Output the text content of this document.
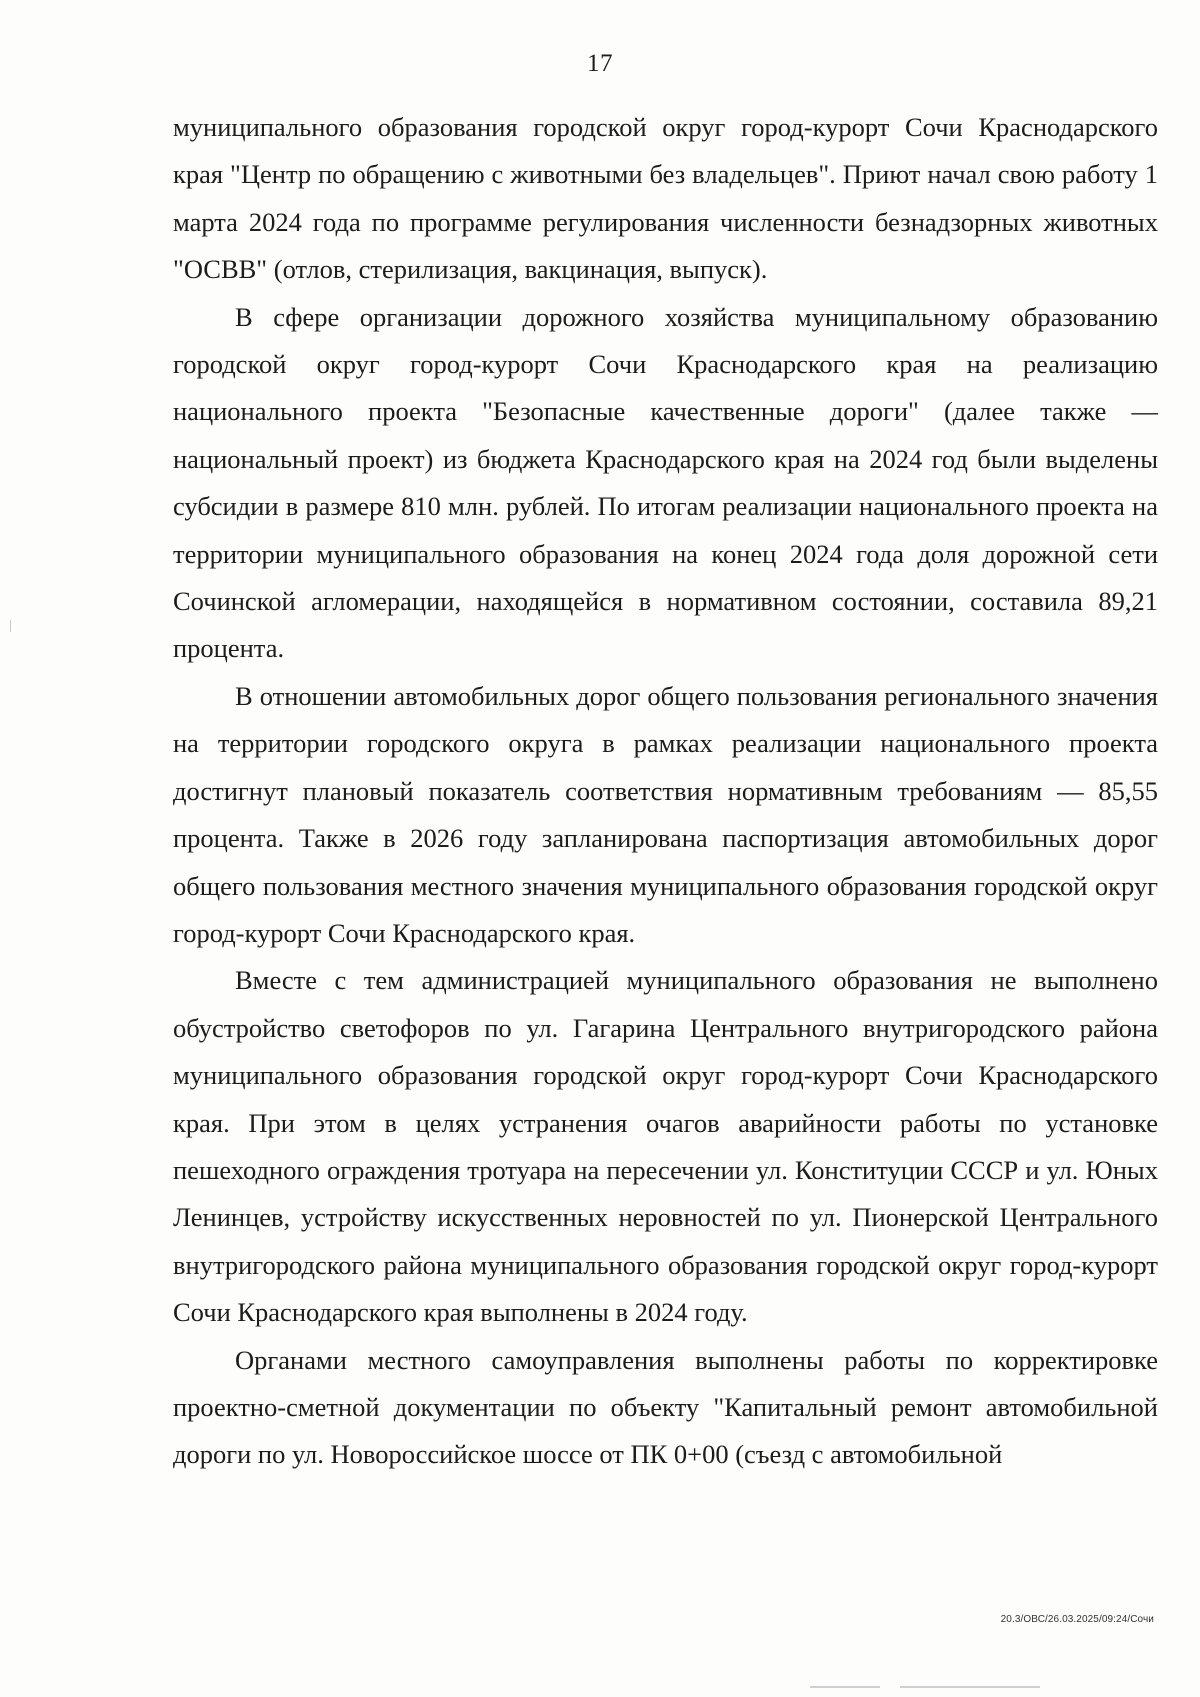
17

муниципального образования городской округ город-курорт Сочи Краснодарского края "Центр по обращению с животными без владельцев". Приют начал свою работу 1 марта 2024 года по программе регулирования численности безнадзорных животных "ОСВВ" (отлов, стерилизация, вакцинация, выпуск).

В сфере организации дорожного хозяйства муниципальному образованию городской округ город-курорт Сочи Краснодарского края на реализацию национального проекта "Безопасные качественные дороги" (далее также — национальный проект) из бюджета Краснодарского края на 2024 год были выделены субсидии в размере 810 млн. рублей. По итогам реализации национального проекта на территории муниципального образования на конец 2024 года доля дорожной сети Сочинской агломерации, находящейся в нормативном состоянии, составила 89,21 процента.

В отношении автомобильных дорог общего пользования регионального значения на территории городского округа в рамках реализации национального проекта достигнут плановый показатель соответствия нормативным требованиям — 85,55 процента. Также в 2026 году запланирована паспортизация автомобильных дорог общего пользования местного значения муниципального образования городской округ город-курорт Сочи Краснодарского края.

Вместе с тем администрацией муниципального образования не выполнено обустройство светофоров по ул. Гагарина Центрального внутригородского района муниципального образования городской округ город-курорт Сочи Краснодарского края. При этом в целях устранения очагов аварийности работы по установке пешеходного ограждения тротуара на пересечении ул. Конституции СССР и ул. Юных Ленинцев, устройству искусственных неровностей по ул. Пионерской Центрального внутригородского района муниципального образования городской округ город-курорт Сочи Краснодарского края выполнены в 2024 году.

Органами местного самоуправления выполнены работы по корректировке проектно-сметной документации по объекту "Капитальный ремонт автомобильной дороги по ул. Новороссийское шоссе от ПК 0+00 (съезд с автомобильной

20.3/ОВС/26.03.2025/09:24/Сочи
